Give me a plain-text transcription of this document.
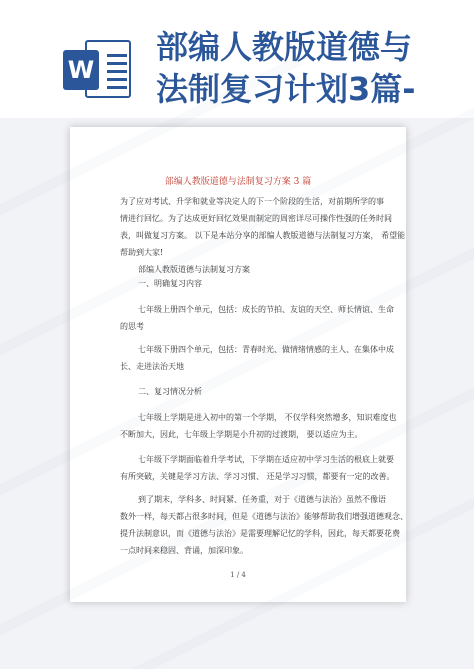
W
部编人教版道德与
法制复习计划3篇-
部编人教版道德与法制复习方案 3 篇
为了应对考试、升学和就业等决定人的下一个阶段的生活，对前期所学的事
情进行回忆。为了达成更好回忆效果而制定的周密详尽可操作性强的任务时间
表，叫做复习方案。 以下是本站分享的部编人教版道德与法制复习方案， 希望能
帮助到大家!
部编人教版道德与法制复习方案
一、明确复习内容
七年级上册四个单元，包括：成长的节拍、友谊的天空、师长情谊、生命
的思考
七年级下册四个单元，包括：青春时光、做情绪情感的主人、在集体中成
长、走进法治天地
二、复习情况分析
七年级上学期是进入初中的第一个学期， 不仅学科突然增多，知识难度也
不断加大，因此，七年级上学期是小升初的过渡期， 要以适应为主。
七年级下学期面临着升学考试，下学期在适应初中学习生活的根底上就要
有所突破，关键是学习方法、学习习惯、 还是学习习惯，都要有一定的改善。
到了期末，学科多、时间紧、任务重，对于《道德与法治》虽然不像语
数外一样，每天都占很多时间，但是《道德与法治》能够帮助我们增强道德观念、
提升法制意识，而《道德与法治》是需要理解记忆的学科，因此，每天都要花费
一点时间来稳固、背诵，加深印象。
1 / 4
